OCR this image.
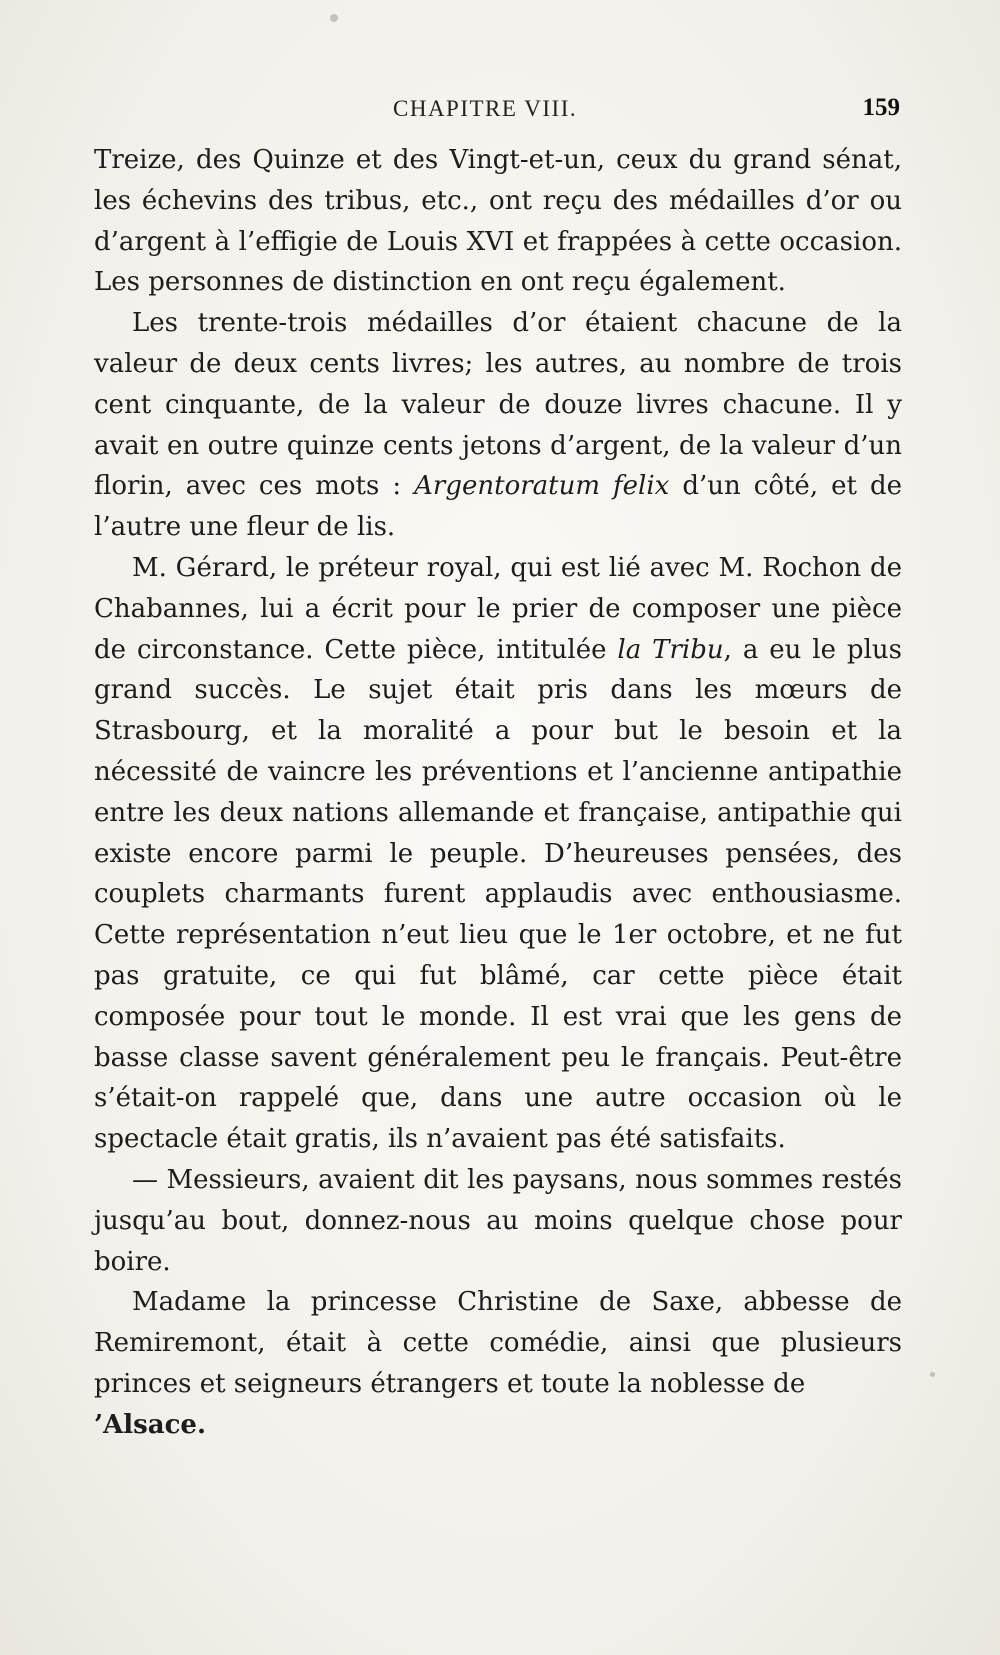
CHAPITRE VIII.	159

Treize, des Quinze et des Vingt-et-un, ceux du grand sénat, les échevins des tribus, etc., ont reçu des médailles d’or ou d’argent à l’effigie de Louis XVI et frappées à cette occasion. Les personnes de distinction en ont reçu également.

Les trente-trois médailles d’or étaient chacune de la valeur de deux cents livres; les autres, au nombre de trois cent cinquante, de la valeur de douze livres chacune. Il y avait en outre quinze cents jetons d’argent, de la valeur d’un florin, avec ces mots : Argentoratum felix d’un côté, et de l’autre une fleur de lis.

M. Gérard, le préteur royal, qui est lié avec M. Rochon de Chabannes, lui a écrit pour le prier de composer une pièce de circonstance. Cette pièce, intitulée la Tribu, a eu le plus grand succès. Le sujet était pris dans les mœurs de Strasbourg, et la moralité a pour but le besoin et la nécessité de vaincre les préventions et l’ancienne antipathie entre les deux nations allemande et française, antipathie qui existe encore parmi le peuple. D’heureuses pensées, des couplets charmants furent applaudis avec enthousiasme. Cette représentation n’eut lieu que le 1er octobre, et ne fut pas gratuite, ce qui fut blâmé, car cette pièce était composée pour tout le monde. Il est vrai que les gens de basse classe savent généralement peu le français. Peut-être s’était-on rappelé que, dans une autre occasion où le spectacle était gratis, ils n’avaient pas été satisfaits.

— Messieurs, avaient dit les paysans, nous sommes restés jusqu’au bout, donnez-nous au moins quelque chose pour boire.

Madame la princesse Christine de Saxe, abbesse de Remiremont, était à cette comédie, ainsi que plusieurs princes et seigneurs étrangers et toute la noblesse de

’Alsace.
